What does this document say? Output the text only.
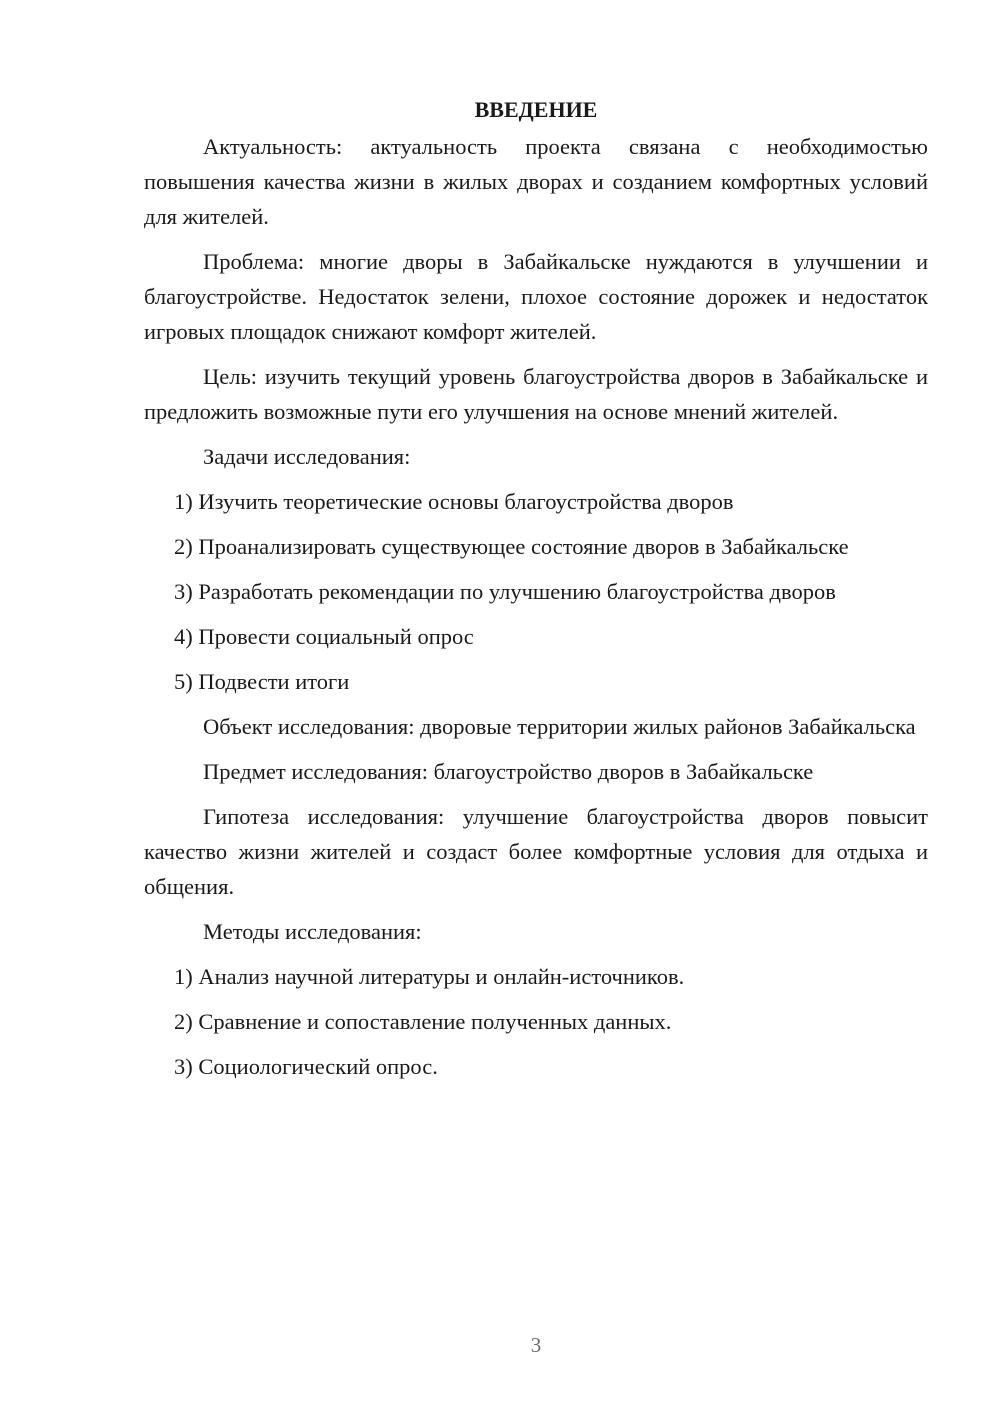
ВВЕДЕНИЕ

Актуальность: актуальность проекта связана с необходимостью повышения качества жизни в жилых дворах и созданием комфортных условий для жителей.

Проблема: многие дворы в Забайкальске нуждаются в улучшении и благоустройстве. Недостаток зелени, плохое состояние дорожек и недостаток игровых площадок снижают комфорт жителей.

Цель: изучить текущий уровень благоустройства дворов в Забайкальске и предложить возможные пути его улучшения на основе мнений жителей.

Задачи исследования:

1) Изучить теоретические основы благоустройства дворов

2) Проанализировать существующее состояние дворов в Забайкальске

3) Разработать рекомендации по улучшению благоустройства дворов

4) Провести социальный опрос

5) Подвести итоги

Объект исследования: дворовые территории жилых районов Забайкальска

Предмет исследования: благоустройство дворов в Забайкальске

Гипотеза исследования: улучшение благоустройства дворов повысит качество жизни жителей и создаст более комфортные условия для отдыха и общения.

Методы исследования:

1) Анализ научной литературы и онлайн-источников.

2) Сравнение и сопоставление полученных данных.

3) Социологический опрос.

3
